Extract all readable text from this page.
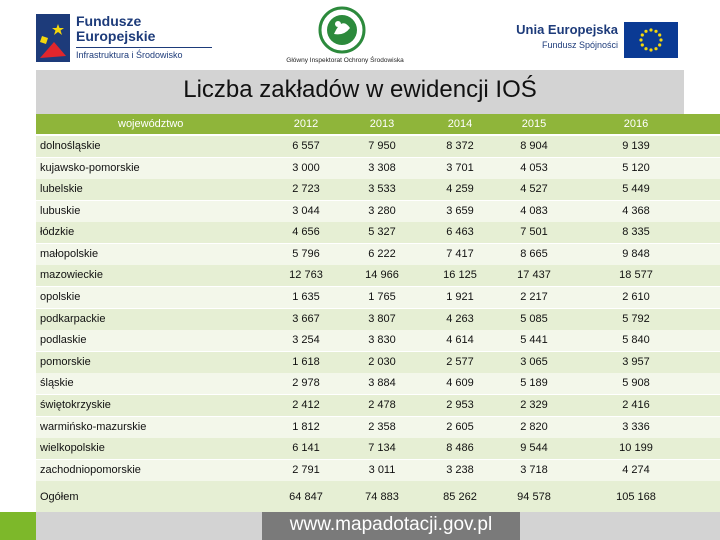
Fundusze
Europejskie
Infrastruktura i Środowisko
Główny Inspektorat Ochrony Środowiska
Unia Europejska
Fundusz Spójności
Liczba zakładów w ewidencji IOŚ
województwo	2012	2013	2014	2015	2016
dolnośląskie	6 557	7 950	8 372	8 904	9 139
kujawsko-pomorskie	3 000	3 308	3 701	4 053	5 120
lubelskie	2 723	3 533	4 259	4 527	5 449
lubuskie	3 044	3 280	3 659	4 083	4 368
łódzkie	4 656	5 327	6 463	7 501	8 335
małopolskie	5 796	6 222	7 417	8 665	9 848
mazowieckie	12 763	14 966	16 125	17 437	18 577
opolskie	1 635	1 765	1 921	2 217	2 610
podkarpackie	3 667	3 807	4 263	5 085	5 792
podlaskie	3 254	3 830	4 614	5 441	5 840
pomorskie	1 618	2 030	2 577	3 065	3 957
śląskie	2 978	3 884	4 609	5 189	5 908
świętokrzyskie	2 412	2 478	2 953	2 329	2 416
warmińsko-mazurskie	1 812	2 358	2 605	2 820	3 336
wielkopolskie	6 141	7 134	8 486	9 544	10 199
zachodniopomorskie	2 791	3 011	3 238	3 718	4 274
Ogółem	64 847	74 883	85 262	94 578	105 168
www.mapadotacji.gov.pl
